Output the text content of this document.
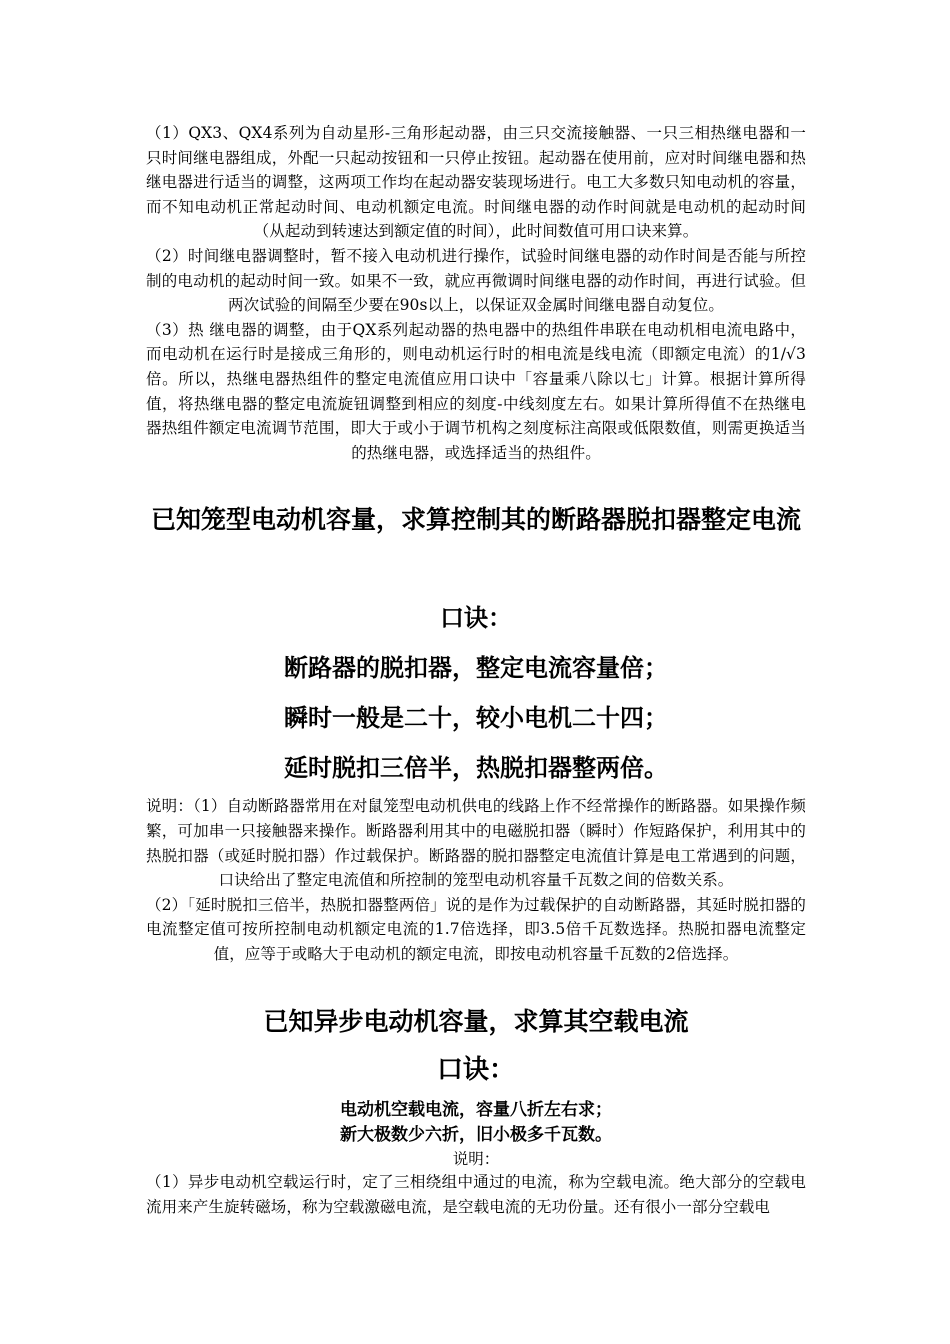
（1）QX3、QX4系列为自动星形-三角形起动器，由三只交流接触器、一只三相热继电器和一只时间继电器组成，外配一只起动按钮和一只停止按钮。起动器在使用前，应对时间继电器和热继电器进行适当的调整，这两项工作均在起动器安装现场进行。电工大多数只知电动机的容量，而不知电动机正常起动时间、电动机额定电流。时间继电器的动作时间就是电动机的起动时间（从起动到转速达到额定值的时间），此时间数值可用口诀来算。

（2）时间继电器调整时，暂不接入电动机进行操作，试验时间继电器的动作时间是否能与所控制的电动机的起动时间一致。如果不一致，就应再微调时间继电器的动作时间，再进行试验。但两次试验的间隔至少要在90s以上，以保证双金属时间继电器自动复位。

（3）热 继电器的调整，由于QX系列起动器的热电器中的热组件串联在电动机相电流电路中，而电动机在运行时是接成三角形的，则电动机运行时的相电流是线电流（即额定电流）的1/√3倍。所以，热继电器热组件的整定电流值应用口诀中「容量乘八除以七」计算。根据计算所得值，将热继电器的整定电流旋钮调整到相应的刻度-中线刻度左右。如果计算所得值不在热继电器热组件额定电流调节范围，即大于或小于调节机构之刻度标注高限或低限数值，则需更换适当的热继电器，或选择适当的热组件。

已知笼型电动机容量，求算控制其的断路器脱扣器整定电流
口诀：

断路器的脱扣器，整定电流容量倍；

瞬时一般是二十，较小电机二十四；

延时脱扣三倍半，热脱扣器整两倍。

说明：（1）自动断路器常用在对鼠笼型电动机供电的线路上作不经常操作的断路器。如果操作频繁，可加串一只接触器来操作。断路器利用其中的电磁脱扣器（瞬时）作短路保护，利用其中的热脱扣器（或延时脱扣器）作过载保护。断路器的脱扣器整定电流值计算是电工常遇到的问题，口诀给出了整定电流值和所控制的笼型电动机容量千瓦数之间的倍数关系。

（2）「延时脱扣三倍半，热脱扣器整两倍」说的是作为过载保护的自动断路器，其延时脱扣器的电流整定值可按所控制电动机额定电流的1.7倍选择，即3.5倍千瓦数选择。热脱扣器电流整定值，应等于或略大于电动机的额定电流，即按电动机容量千瓦数的2倍选择。

已知异步电动机容量，求算其空载电流
口诀：

电动机空载电流，容量八折左右求；

新大极数少六折，旧小极多千瓦数。

说明：

（1）异步电动机空载运行时，定了三相绕组中通过的电流，称为空载电流。绝大部分的空载电流用来产生旋转磁场，称为空载激磁电流，是空载电流的无功份量。还有很小一部分空载电
